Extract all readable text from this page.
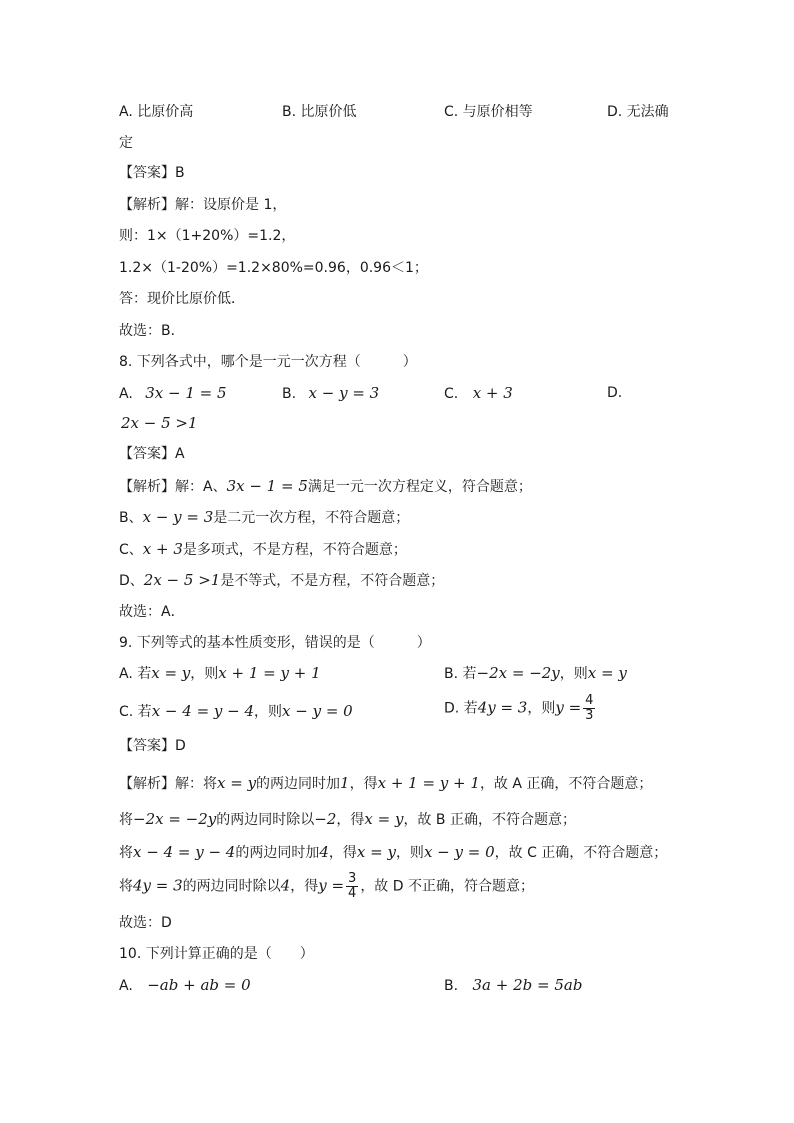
A. 比原价高	B. 比原价低	C. 与原价相等	D. 无法确
定
【答案】B
【解析】解：设原价是 1，
则：1×（1+20%）=1.2，
1.2×（1-20%）=1.2×80%=0.96，0.96＜1；
答：现价比原价低．
故选：B．
8. 下列各式中，哪个是一元一次方程（　　　）
A. 3x − 1 = 5	B. x − y = 3	C. x + 3	D.
2x − 5 >1
【答案】A
【解析】解：A、3x − 1 = 5满足一元一次方程定义，符合题意；
B、x − y = 3是二元一次方程，不符合题意；
C、x + 3是多项式，不是方程，不符合题意；
D、2x − 5 >1是不等式，不是方程，不符合题意；
故选：A．
9. 下列等式的基本性质变形，错误的是（　　　）
A. 若x = y，则x + 1 = y + 1	B. 若−2x = −2y，则x = y
C. 若x − 4 = y − 4，则x − y = 0	D. 若4y = 3，则$y = \frac{4}{3}$
【答案】D
【解析】解：将x = y的两边同时加1，得x + 1 = y + 1，故 A 正确，不符合题意；
将−2x = −2y的两边同时除以−2，得x = y，故 B 正确，不符合题意；
将x − 4 = y − 4的两边同时加4，得x = y，则x − y = 0，故 C 正确，不符合题意；
将4y = 3的两边同时除以4，得$y = \frac{3}{4}$ ，故 D 不正确，符合题意；
故选：D
10. 下列计算正确的是（　　）
A. −ab + ab = 0	B. 3a + 2b = 5ab
